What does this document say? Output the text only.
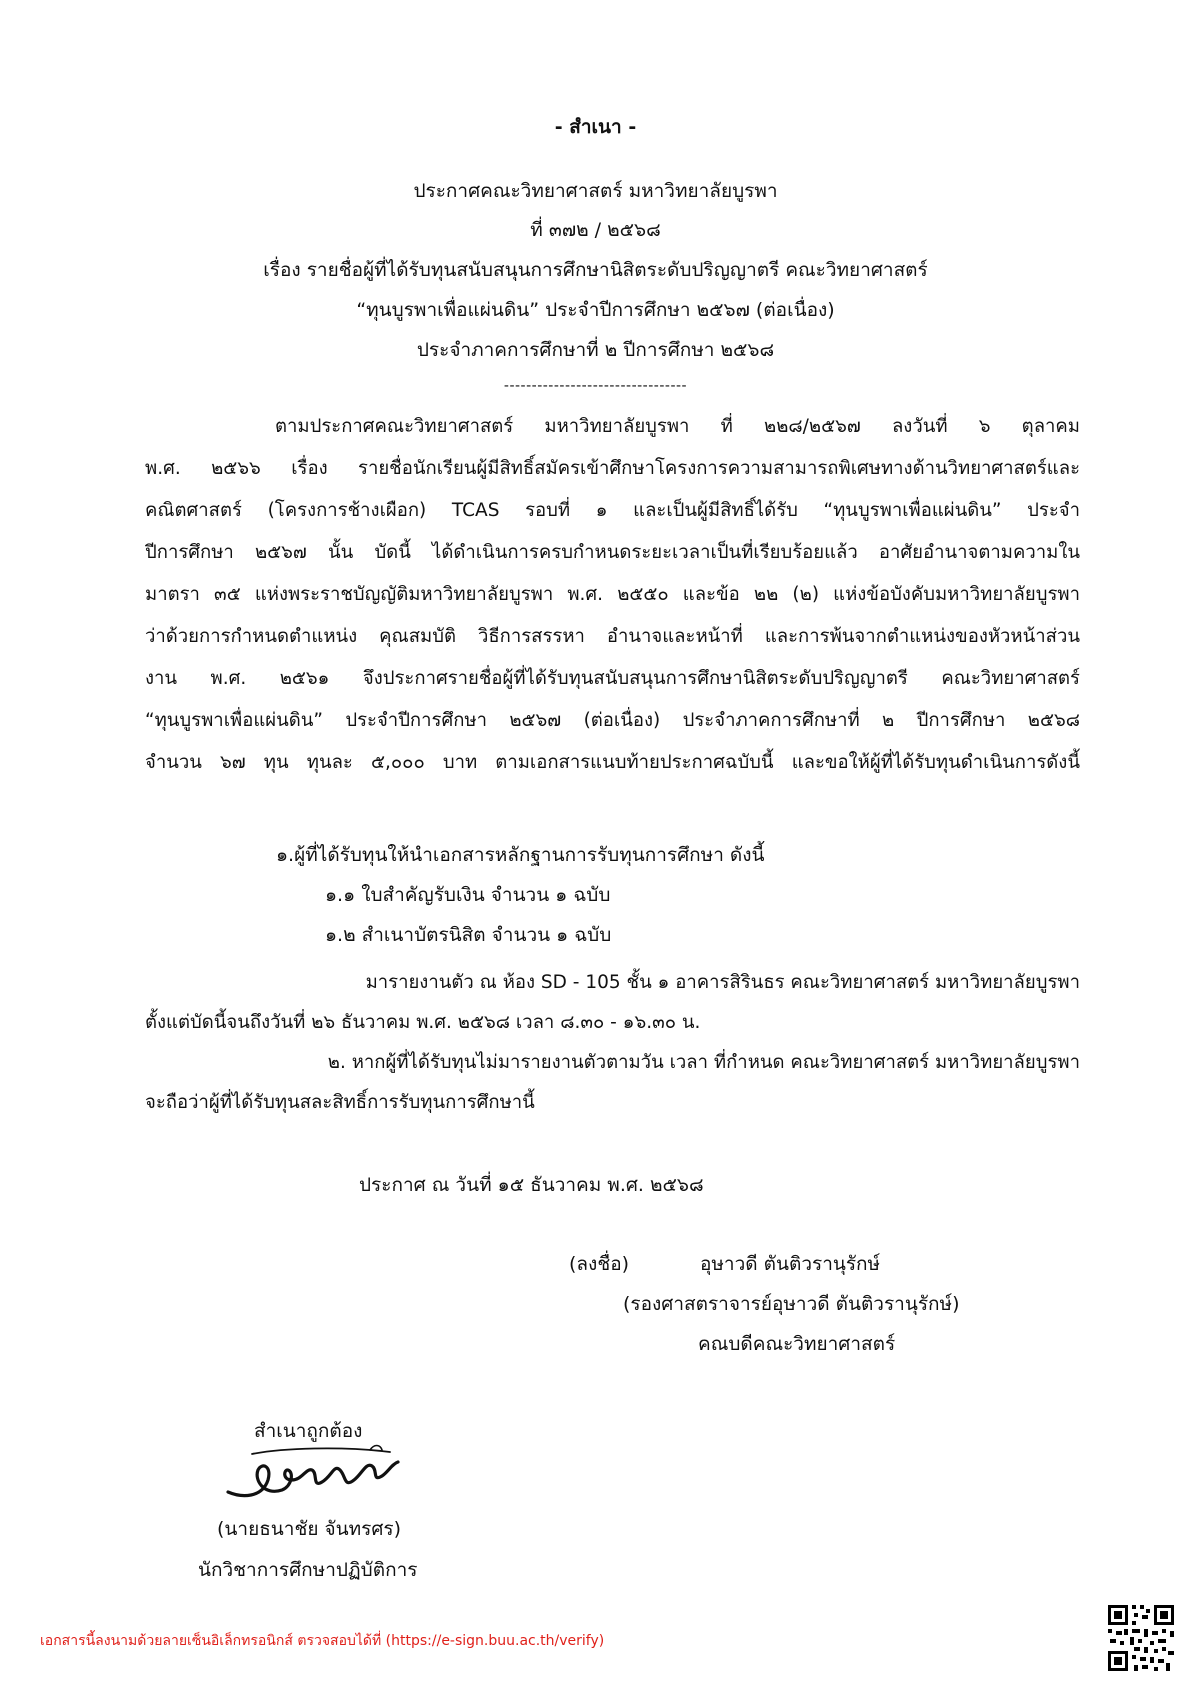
- สำเนา -
ประกาศคณะวิทยาศาสตร์ มหาวิทยาลัยบูรพา
ที่ ๓๗๒ / ๒๕๖๘
เรื่อง รายชื่อผู้ที่ได้รับทุนสนับสนุนการศึกษานิสิตระดับปริญญาตรี คณะวิทยาศาสตร์
“ทุนบูรพาเพื่อแผ่นดิน” ประจำปีการศึกษา ๒๕๖๗ (ต่อเนื่อง)
ประจำภาคการศึกษาที่ ๒ ปีการศึกษา ๒๕๖๘
---------------------------------
ตามประกาศคณะวิทยาศาสตร์ มหาวิทยาลัยบูรพา ที่ ๒๒๘/๒๕๖๗ ลงวันที่ ๖ ตุลาคม
พ.ศ. ๒๕๖๖ เรื่อง รายชื่อนักเรียนผู้มีสิทธิ์สมัครเข้าศึกษาโครงการความสามารถพิเศษทางด้านวิทยาศาสตร์และ
คณิตศาสตร์ (โครงการช้างเผือก) TCAS รอบที่ ๑ และเป็นผู้มีสิทธิ์ได้รับ “ทุนบูรพาเพื่อแผ่นดิน” ประจำ
ปีการศึกษา ๒๕๖๗ นั้น บัดนี้ ได้ดำเนินการครบกำหนดระยะเวลาเป็นที่เรียบร้อยแล้ว อาศัยอำนาจตามความใน
มาตรา ๓๕ แห่งพระราชบัญญัติมหาวิทยาลัยบูรพา พ.ศ. ๒๕๕๐ และข้อ ๒๒ (๒) แห่งข้อบังคับมหาวิทยาลัยบูรพา
ว่าด้วยการกำหนดตำแหน่ง คุณสมบัติ วิธีการสรรหา อำนาจและหน้าที่ และการพ้นจากตำแหน่งของหัวหน้าส่วน
งาน พ.ศ. ๒๕๖๑ จึงประกาศรายชื่อผู้ที่ได้รับทุนสนับสนุนการศึกษานิสิตระดับปริญญาตรี คณะวิทยาศาสตร์
“ทุนบูรพาเพื่อแผ่นดิน” ประจำปีการศึกษา ๒๕๖๗ (ต่อเนื่อง) ประจำภาคการศึกษาที่ ๒ ปีการศึกษา ๒๕๖๘
จำนวน ๖๗ ทุน ทุนละ ๕,๐๐๐ บาท ตามเอกสารแนบท้ายประกาศฉบับนี้ และขอให้ผู้ที่ได้รับทุนดำเนินการดังนี้
๑.ผู้ที่ได้รับทุนให้นำเอกสารหลักฐานการรับทุนการศึกษา ดังนี้
๑.๑ ใบสำคัญรับเงิน จำนวน ๑ ฉบับ
๑.๒ สำเนาบัตรนิสิต จำนวน ๑ ฉบับ
มารายงานตัว ณ ห้อง SD - 105 ชั้น ๑ อาคารสิรินธร คณะวิทยาศาสตร์ มหาวิทยาลัยบูรพา
ตั้งแต่บัดนี้จนถึงวันที่ ๒๖ ธันวาคม พ.ศ. ๒๕๖๘ เวลา ๘.๓๐ - ๑๖.๓๐ น.
๒. หากผู้ที่ได้รับทุนไม่มารายงานตัวตามวัน เวลา ที่กำหนด คณะวิทยาศาสตร์ มหาวิทยาลัยบูรพา
จะถือว่าผู้ที่ได้รับทุนสละสิทธิ์การรับทุนการศึกษานี้
ประกาศ ณ วันที่ ๑๕ ธันวาคม พ.ศ. ๒๕๖๘
(ลงชื่อ)	อุษาวดี ตันติวรานุรักษ์
(รองศาสตราจารย์อุษาวดี ตันติวรานุรักษ์)
คณบดีคณะวิทยาศาสตร์
สำเนาถูกต้อง
(นายธนาชัย จันทรศร)
นักวิชาการศึกษาปฏิบัติการ
เอกสารนี้ลงนามด้วยลายเซ็นอิเล็กทรอนิกส์ ตรวจสอบได้ที่ (https://e-sign.buu.ac.th/verify)
